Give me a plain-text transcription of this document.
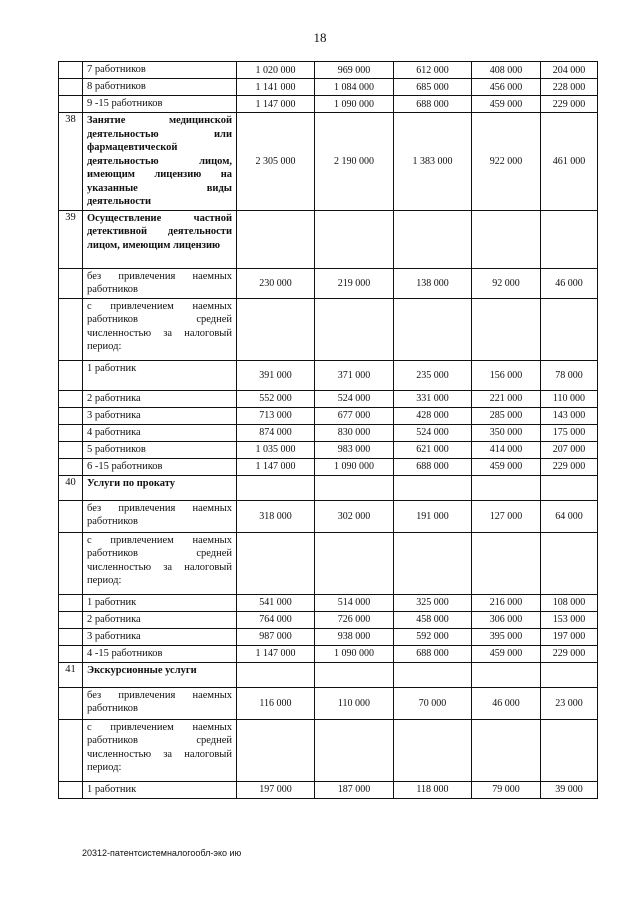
18
	7 работников	1 020 000	969 000	612 000	408 000	204 000
	8 работников	1 141 000	1 084 000	685 000	456 000	228 000
	9 -15 работников	1 147 000	1 090 000	688 000	459 000	229 000
38	Занятие медицинской деятельностью или фармацевтической деятельностью лицом, имеющим лицензию на указанные виды деятельности	2 305 000	2 190 000	1 383 000	922 000	461 000
39	Осуществление частной детективной деятельности лицом, имеющим лицензию					
	без привлечения наемных работников	230 000	219 000	138 000	92 000	46 000
	с привлечением наемных работников средней численностью за налоговый период:					
	1 работник	391 000	371 000	235 000	156 000	78 000
	2 работника	552 000	524 000	331 000	221 000	110 000
	3 работника	713 000	677 000	428 000	285 000	143 000
	4 работника	874 000	830 000	524 000	350 000	175 000
	5 работников	1 035 000	983 000	621 000	414 000	207 000
	6 -15 работников	1 147 000	1 090 000	688 000	459 000	229 000
40	Услуги по прокату					
	без привлечения наемных работников	318 000	302 000	191 000	127 000	64 000
	с привлечением наемных работников средней численностью за налоговый период:					
	1 работник	541 000	514 000	325 000	216 000	108 000
	2 работника	764 000	726 000	458 000	306 000	153 000
	3 работника	987 000	938 000	592 000	395 000	197 000
	4 -15 работников	1 147 000	1 090 000	688 000	459 000	229 000
41	Экскурсионные услуги					
	без привлечения наемных работников	116 000	110 000	70 000	46 000	23 000
	с привлечением наемных работников средней численностью за налоговый период:					
	1 работник	197 000	187 000	118 000	79 000	39 000
20312-патентсистемналогообл-эко ию
